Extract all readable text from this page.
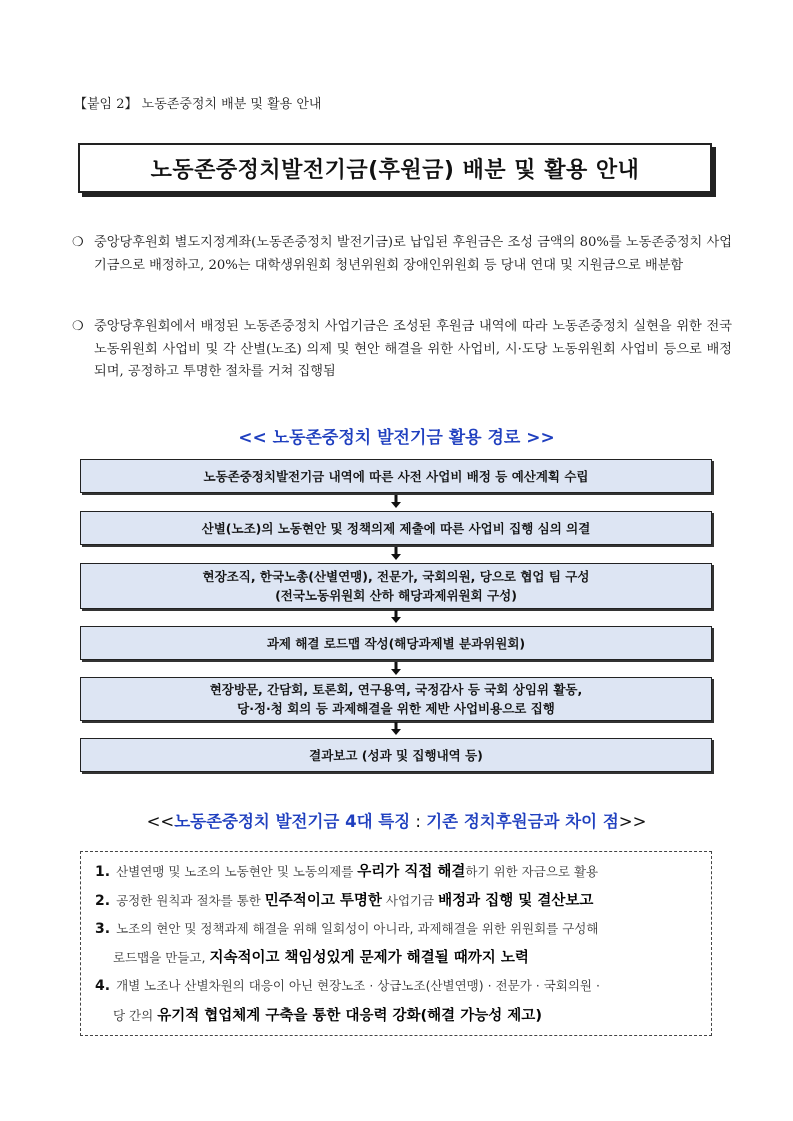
【붙임 2】 노동존중정치 배분 및 활용 안내
노동존중정치발전기금(후원금) 배분 및 활용 안내
❍ 중앙당후원회 별도지정계좌(노동존중정치 발전기금)로 납입된 후원금은 조성 금액의 80%를 노동존중정치 사업기금으로 배정하고, 20%는 대학생위원회 청년위원회 장애인위원회 등 당내 연대 및 지원금으로 배분함
❍ 중앙당후원회에서 배정된 노동존중정치 사업기금은 조성된 후원금 내역에 따라 노동존중정치 실현을 위한 전국노동위원회 사업비 및 각 산별(노조) 의제 및 현안 해결을 위한 사업비, 시·도당 노동위원회 사업비 등으로 배정되며, 공정하고 투명한 절차를 거쳐 집행됨
<< 노동존중정치 발전기금 활용 경로 >>
노동존중정치발전기금 내역에 따른 사전 사업비 배정 등 예산계획 수립
산별(노조)의 노동현안 및 정책의제 제출에 따른 사업비 집행 심의 의결
현장조직, 한국노총(산별연맹), 전문가, 국회의원, 당으로 협업 팀 구성
(전국노동위원회 산하 해당과제위원회 구성)
과제 해결 로드맵 작성(해당과제별 분과위원회)
현장방문, 간담회, 토론회, 연구용역, 국정감사 등 국회 상임위 활동,
당·정·청 회의 등 과제해결을 위한 제반 사업비용으로 집행
결과보고 (성과 및 집행내역 등)
<<노동존중정치 발전기금 4대 특징 : 기존 정치후원금과 차이 점>>
1. 산별연맹 및 노조의 노동현안 및 노동의제를 우리가 직접 해결하기 위한 자금으로 활용
2. 공정한 원칙과 절차를 통한 민주적이고 투명한 사업기금 배정과 집행 및 결산보고
3. 노조의 현안 및 정책과제 해결을 위해 일회성이 아니라, 과제해결을 위한 위원회를 구성해
로드맵을 만들고, 지속적이고 책임성있게 문제가 해결될 때까지 노력
4. 개별 노조나 산별차원의 대응이 아닌 현장노조 · 상급노조(산별연맹) · 전문가 · 국회의원 ·
당 간의 유기적 협업체계 구축을 통한 대응력 강화(해결 가능성 제고)
